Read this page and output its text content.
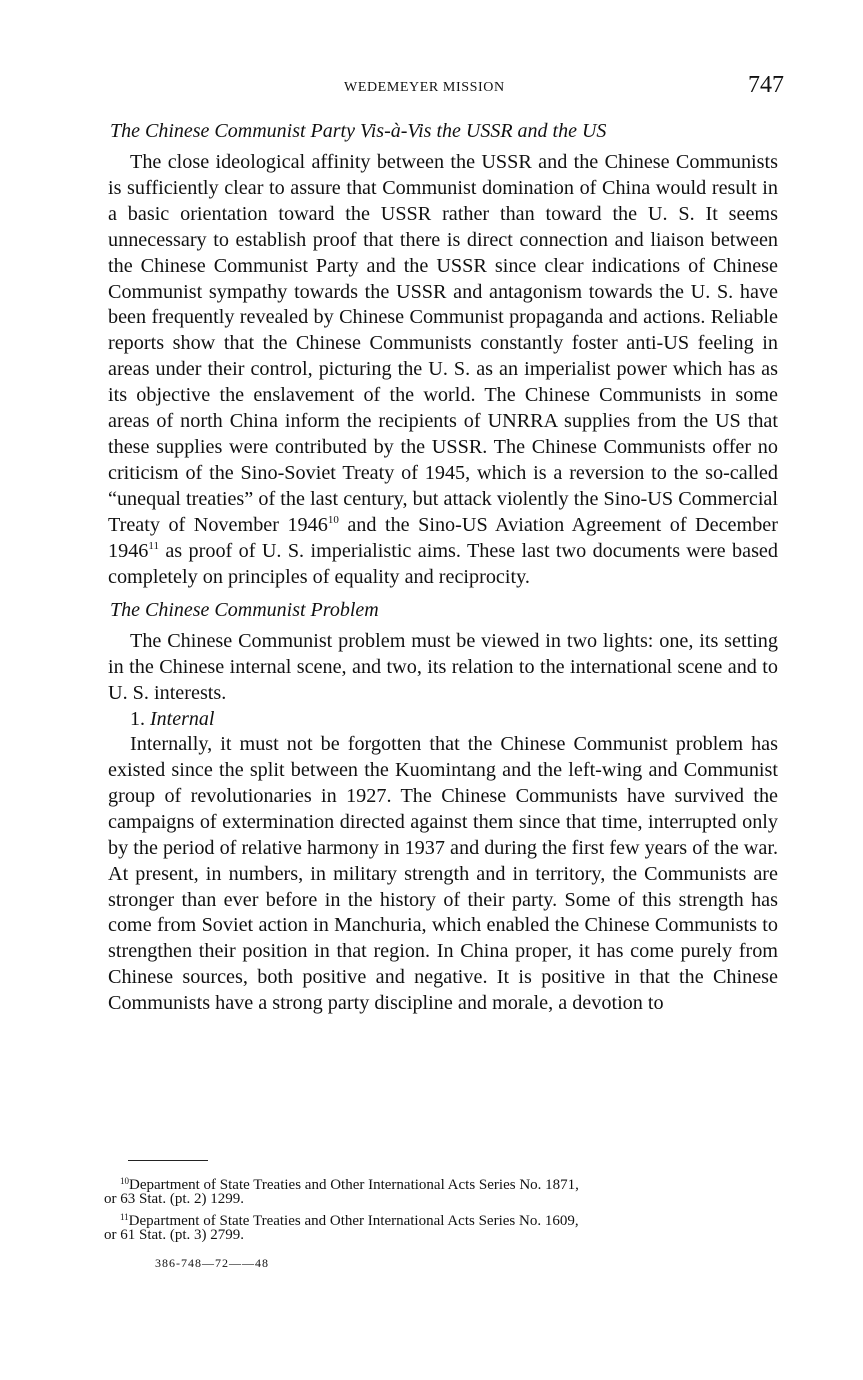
WEDEMEYER MISSION	747
The Chinese Communist Party Vis-à-Vis the USSR and the US

The close ideological affinity between the USSR and the Chinese Communists is sufficiently clear to assure that Communist domination of China would result in a basic orientation toward the USSR rather than toward the U. S. It seems unnecessary to establish proof that there is direct connection and liaison between the Chinese Communist Party and the USSR since clear indications of Chinese Communist sympathy towards the USSR and antagonism towards the U. S. have been frequently revealed by Chinese Communist propaganda and actions. Reliable reports show that the Chinese Communists constantly foster anti-US feeling in areas under their control, picturing the U. S. as an imperialist power which has as its objective the enslavement of the world. The Chinese Communists in some areas of north China inform the recipients of UNRRA supplies from the US that these supplies were contributed by the USSR. The Chinese Communists offer no criticism of the Sino-Soviet Treaty of 1945, which is a reversion to the so-called “unequal treaties” of the last century, but attack violently the Sino-US Commercial Treaty of November 1946$^{10}$ and the Sino-US Aviation Agreement of December 1946$^{11}$ as proof of U. S. imperialistic aims. These last two documents were based completely on principles of equality and reciprocity.

The Chinese Communist Problem

The Chinese Communist problem must be viewed in two lights: one, its setting in the Chinese internal scene, and two, its relation to the international scene and to U. S. interests.

1. Internal

Internally, it must not be forgotten that the Chinese Communist problem has existed since the split between the Kuomintang and the left-wing and Communist group of revolutionaries in 1927. The Chinese Communists have survived the campaigns of extermination directed against them since that time, interrupted only by the period of relative harmony in 1937 and during the first few years of the war. At present, in numbers, in military strength and in territory, the Communists are stronger than ever before in the history of their party. Some of this strength has come from Soviet action in Manchuria, which enabled the Chinese Communists to strengthen their position in that region. In China proper, it has come purely from Chinese sources, both positive and negative. It is positive in that the Chinese Communists have a strong party discipline and morale, a devotion to

$^{10}$Department of State Treaties and Other International Acts Series No. 1871,
or 63 Stat. (pt. 2) 1299.
$^{11}$Department of State Treaties and Other International Acts Series No. 1609,
or 61 Stat. (pt. 3) 2799.
386-748—72——48
